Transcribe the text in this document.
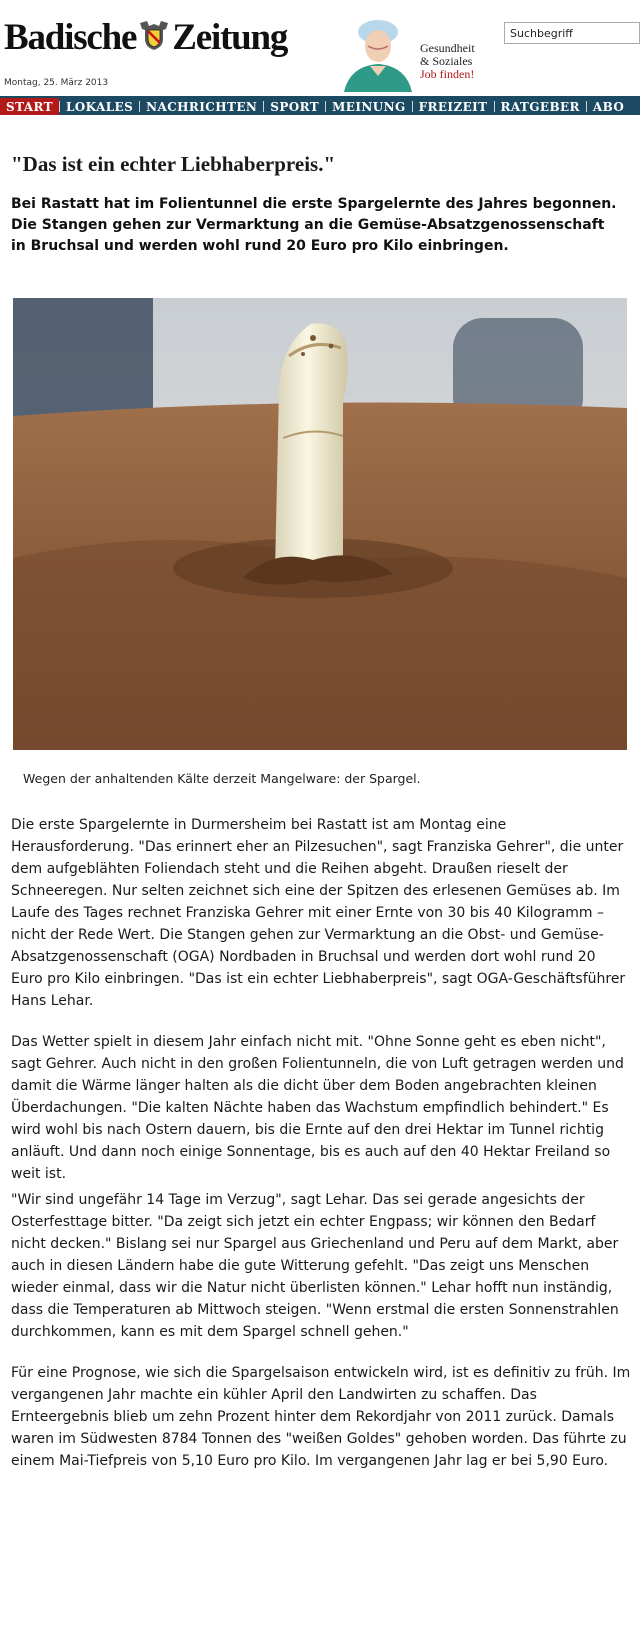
Badische Zeitung
Montag, 25. März 2013
Gesundheit
& Soziales
Job finden!
Suchbegriff
START LOKALES NACHRICHTEN SPORT MEINUNG FREIZEIT RATGEBER ABO
"Das ist ein echter Liebhaberpreis."

Bei Rastatt hat im Folientunnel die erste Spargelernte des Jahres begonnen. Die Stangen gehen zur Vermarktung an die Gemüse-Absatzgenossenschaft in Bruchsal und werden wohl rund 20 Euro pro Kilo einbringen.

Wegen der anhaltenden Kälte derzeit Mangelware: der Spargel.

Die erste Spargelernte in Durmersheim bei Rastatt ist am Montag eine Herausforderung. "Das erinnert eher an Pilzesuchen", sagt Franziska Gehrer", die unter dem aufgeblähten Foliendach steht und die Reihen abgeht. Draußen rieselt der Schneeregen. Nur selten zeichnet sich eine der Spitzen des erlesenen Gemüses ab. Im Laufe des Tages rechnet Franziska Gehrer mit einer Ernte von 30 bis 40 Kilogramm – nicht der Rede Wert. Die Stangen gehen zur Vermarktung an die Obst- und Gemüse-Absatzgenossenschaft (OGA) Nordbaden in Bruchsal und werden dort wohl rund 20 Euro pro Kilo einbringen. "Das ist ein echter Liebhaberpreis", sagt OGA-Geschäftsführer Hans Lehar.

Das Wetter spielt in diesem Jahr einfach nicht mit. "Ohne Sonne geht es eben nicht", sagt Gehrer. Auch nicht in den großen Folientunneln, die von Luft getragen werden und damit die Wärme länger halten als die dicht über dem Boden angebrachten kleinen Überdachungen. "Die kalten Nächte haben das Wachstum empfindlich behindert." Es wird wohl bis nach Ostern dauern, bis die Ernte auf den drei Hektar im Tunnel richtig anläuft. Und dann noch einige Sonnentage, bis es auch auf den 40 Hektar Freiland so weit ist.

"Wir sind ungefähr 14 Tage im Verzug", sagt Lehar. Das sei gerade angesichts der Osterfesttage bitter. "Da zeigt sich jetzt ein echter Engpass; wir können den Bedarf nicht decken." Bislang sei nur Spargel aus Griechenland und Peru auf dem Markt, aber auch in diesen Ländern habe die gute Witterung gefehlt. "Das zeigt uns Menschen wieder einmal, dass wir die Natur nicht überlisten können." Lehar hofft nun inständig, dass die Temperaturen ab Mittwoch steigen. "Wenn erstmal die ersten Sonnenstrahlen durchkommen, kann es mit dem Spargel schnell gehen."

Für eine Prognose, wie sich die Spargelsaison entwickeln wird, ist es definitiv zu früh. Im vergangenen Jahr machte ein kühler April den Landwirten zu schaffen. Das Ernteergebnis blieb um zehn Prozent hinter dem Rekordjahr von 2011 zurück. Damals waren im Südwesten 8784 Tonnen des "weißen Goldes" gehoben worden. Das führte zu einem Mai-Tiefpreis von 5,10 Euro pro Kilo. Im vergangenen Jahr lag er bei 5,90 Euro.
